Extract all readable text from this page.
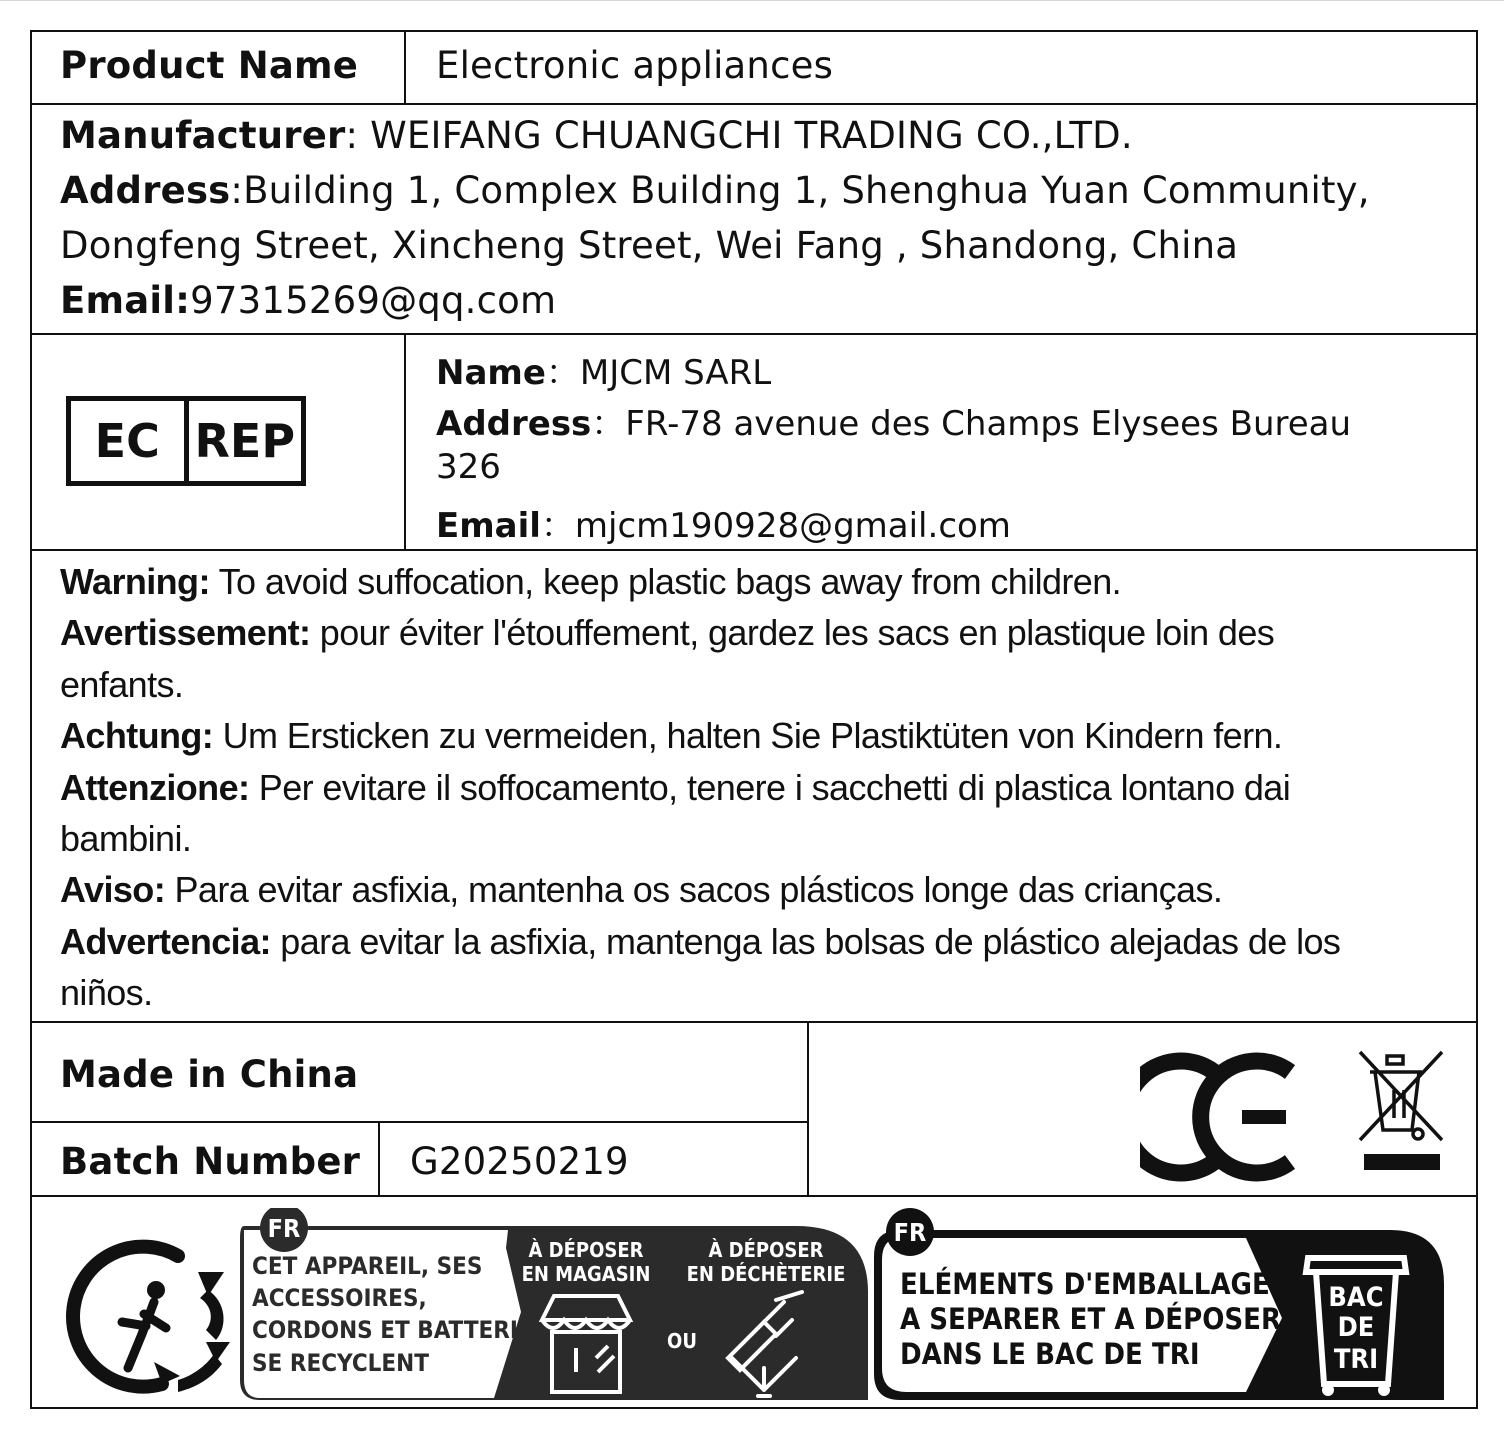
Product Name Electronic appliances
Manufacturer: WEIFANG CHUANGCHI TRADING CO.,LTD.
Address:Building 1, Complex Building 1, Shenghua Yuan Community,
Dongfeng Street, Xincheng Street, Wei Fang , Shandong, China
Email:97315269@qq.com
EC REP
Name：MJCM SARL
Address：FR-78 avenue des Champs Elysees Bureau
326
Email：mjcm190928@gmail.com
Warning: To avoid suffocation, keep plastic bags away from children.
Avertissement: pour éviter l'étouffement, gardez les sacs en plastique loin des
enfants.
Achtung: Um Ersticken zu vermeiden, halten Sie Plastiktüten von Kindern fern.
Attenzione: Per evitare il soffocamento, tenere i sacchetti di plastica lontano dai
bambini.
Aviso: Para evitar asfixia, mantenha os sacos plásticos longe das crianças.
Advertencia: para evitar la asfixia, mantenga las bolsas de plástico alejadas de los
niños.
Made in China
Batch Number G20250219
FR
CET APPAREIL, SES
ACCESSOIRES,
CORDONS ET BATTERI
SE RECYCLENT
À DÉPOSER
EN MAGASIN
À DÉPOSER
EN DÉCHÈTERIE
OU
FR
ELÉMENTS D'EMBALLAGE
A SEPARER ET A DÉPOSER
DANS LE BAC DE TRI
BAC
DE
TRI
